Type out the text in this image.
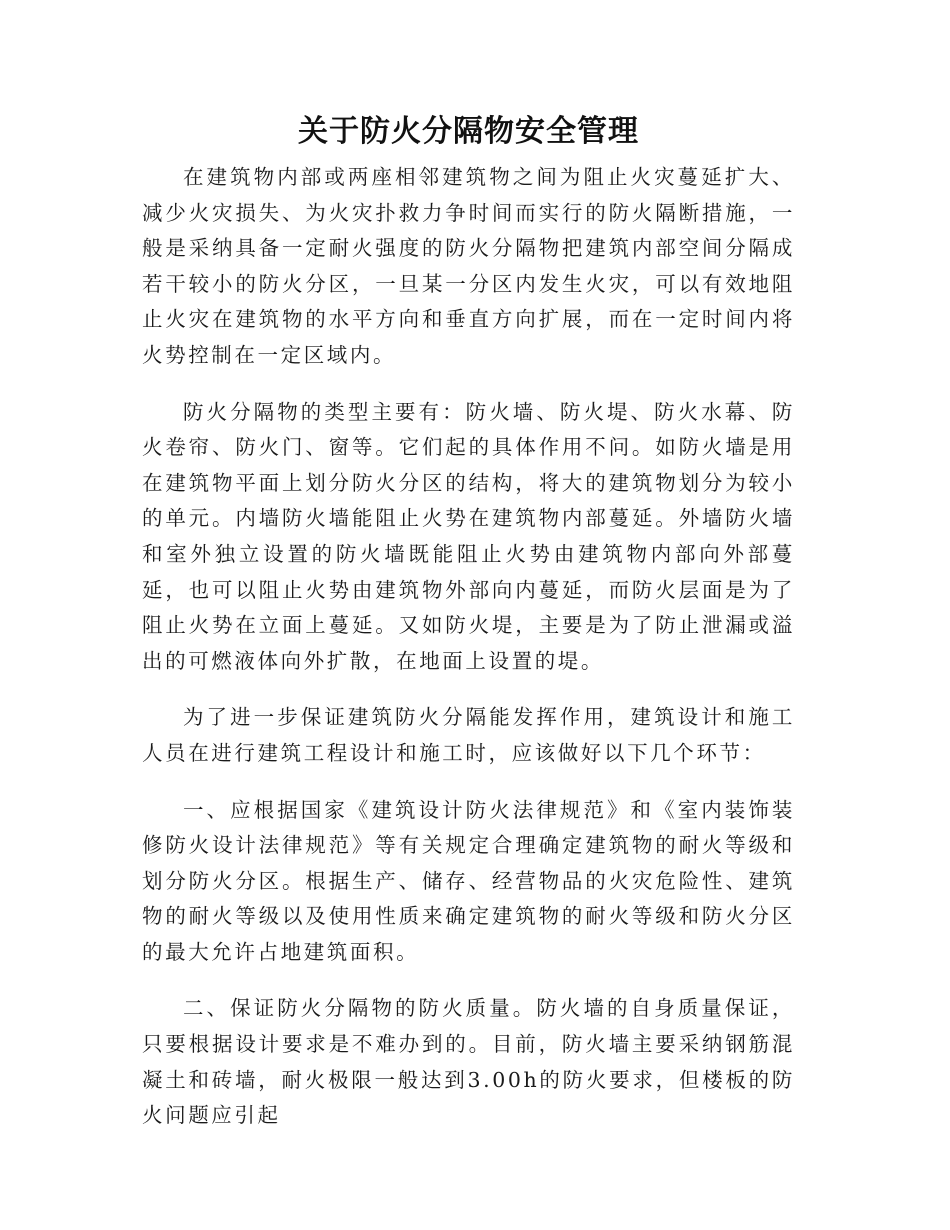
关于防火分隔物安全管理

在建筑物内部或两座相邻建筑物之间为阻止火灾蔓延扩大、减少火灾损失、为火灾扑救力争时间而实行的防火隔断措施，一般是采纳具备一定耐火强度的防火分隔物把建筑内部空间分隔成若干较小的防火分区，一旦某一分区内发生火灾，可以有效地阻止火灾在建筑物的水平方向和垂直方向扩展，而在一定时间内将火势控制在一定区域内。

防火分隔物的类型主要有：防火墙、防火堤、防火水幕、防火卷帘、防火门、窗等。它们起的具体作用不问。如防火墙是用在建筑物平面上划分防火分区的结构，将大的建筑物划分为较小的单元。内墙防火墙能阻止火势在建筑物内部蔓延。外墙防火墙和室外独立设置的防火墙既能阻止火势由建筑物内部向外部蔓延，也可以阻止火势由建筑物外部向内蔓延，而防火层面是为了阻止火势在立面上蔓延。又如防火堤，主要是为了防止泄漏或溢出的可燃液体向外扩散，在地面上设置的堤。

为了进一步保证建筑防火分隔能发挥作用，建筑设计和施工人员在进行建筑工程设计和施工时，应该做好以下几个环节：

一、应根据国家《建筑设计防火法律规范》和《室内装饰装修防火设计法律规范》等有关规定合理确定建筑物的耐火等级和划分防火分区。根据生产、储存、经营物品的火灾危险性、建筑物的耐火等级以及使用性质来确定建筑物的耐火等级和防火分区的最大允许占地建筑面积。

二、保证防火分隔物的防火质量。防火墙的自身质量保证，只要根据设计要求是不难办到的。目前，防火墙主要采纳钢筋混凝土和砖墙，耐火极限一般达到3.00h的防火要求，但楼板的防火问题应引起
